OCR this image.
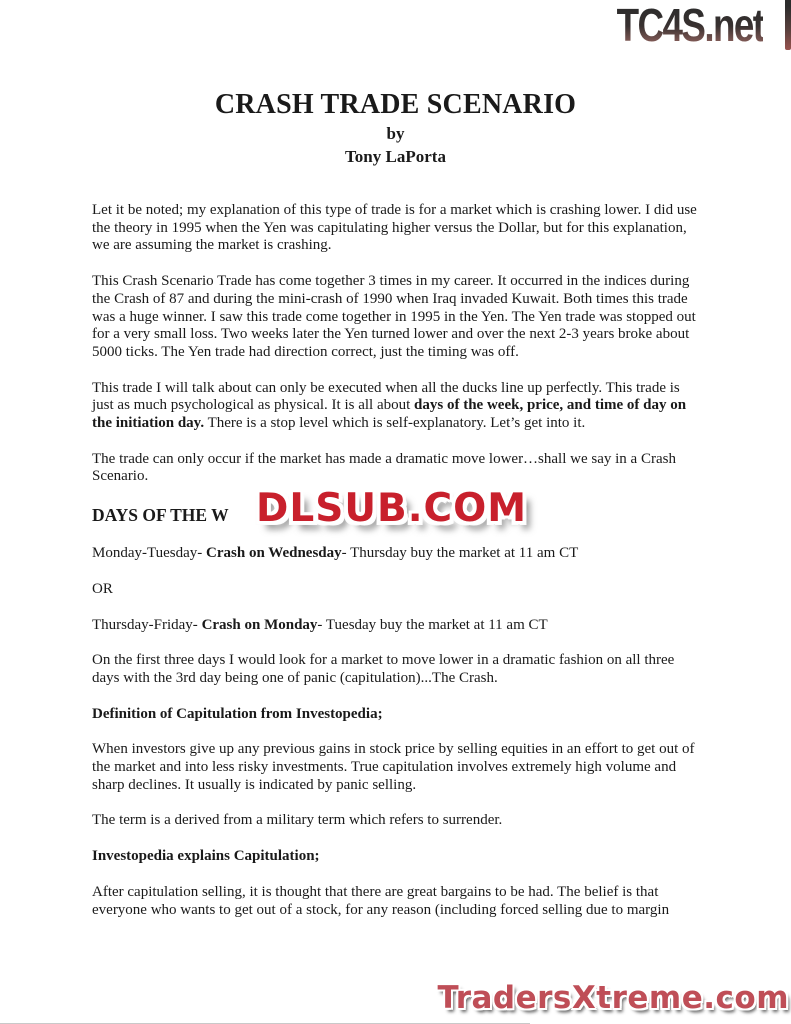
TC4S.net
CRASH TRADE SCENARIO
by
Tony LaPorta

Let it be noted; my explanation of this type of trade is for a market which is crashing lower. I did use the theory in 1995 when the Yen was capitulating higher versus the Dollar, but for this explanation, we are assuming the market is crashing.

This Crash Scenario Trade has come together 3 times in my career. It occurred in the indices during the Crash of 87 and during the mini-crash of 1990 when Iraq invaded Kuwait. Both times this trade was a huge winner. I saw this trade come together in 1995 in the Yen. The Yen trade was stopped out for a very small loss. Two weeks later the Yen turned lower and over the next 2-3 years broke about 5000 ticks. The Yen trade had direction correct, just the timing was off.

This trade I will talk about can only be executed when all the ducks line up perfectly. This trade is just as much psychological as physical. It is all about days of the week, price, and time of day on the initiation day. There is a stop level which is self-explanatory. Let’s get into it.

The trade can only occur if the market has made a dramatic move lower…shall we say in a Crash Scenario.

DAYS OF THE W

Monday-Tuesday- Crash on Wednesday- Thursday buy the market at 11 am CT

OR

Thursday-Friday- Crash on Monday- Tuesday buy the market at 11 am CT

On the first three days I would look for a market to move lower in a dramatic fashion on all three days with the 3rd day being one of panic (capitulation)...The Crash.

Definition of Capitulation from Investopedia;

When investors give up any previous gains in stock price by selling equities in an effort to get out of the market and into less risky investments. True capitulation involves extremely high volume and sharp declines. It usually is indicated by panic selling.

The term is a derived from a military term which refers to surrender.

Investopedia explains Capitulation;

After capitulation selling, it is thought that there are great bargains to be had. The belief is that everyone who wants to get out of a stock, for any reason (including forced selling due to margin

DLSUB.COM
TradersXtreme.com
